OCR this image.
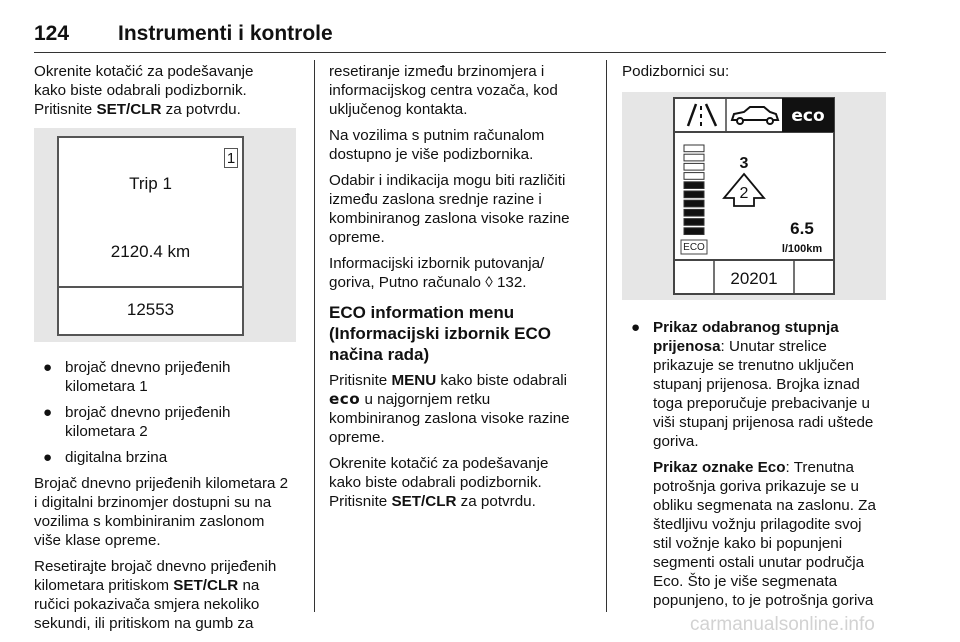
124 Instrumenti i kontrole

Okrenite kotačić za podešavanje
kako biste odabrali podizbornik.
Pritisnite SET/CLR za potvrdu.

1
Trip 1
2120.4 km
12553
● brojač dnevno prijeđenih
kilometara 1
● brojač dnevno prijeđenih
kilometara 2
● digitalna brzina

Brojač dnevno prijeđenih kilometara 2
i digitalni brzinomjer dostupni su na
vozilima s kombiniranim zaslonom
više klase opreme.

Resetirajte brojač dnevno prijeđenih
kilometara pritiskom SET/CLR na
ručici pokazivača smjera nekoliko
sekundi, ili pritiskom na gumb za

resetiranje između brzinomjera i
informacijskog centra vozača, kod
uključenog kontakta.

Na vozilima s putnim računalom
dostupno je više podizbornika.

Odabir i indikacija mogu biti različiti
između zaslona srednje razine i
kombiniranog zaslona visoke razine
opreme.

Informacijski izbornik putovanja/
goriva, Putno računalo ◊ 132.

ECO information menu
(Informacijski izbornik ECO
načina rada)

Pritisnite MENU kako biste odabrali
eco u najgornjem retku
kombiniranog zaslona visoke razine
opreme.

Okrenite kotačić za podešavanje
kako biste odabrali podizbornik.
Pritisnite SET/CLR za potvrdu.

Podizbornici su:

eco
ECO
3
2
6.5
l/100km
20201
● Prikaz odabranog stupnja
prijenosa: Unutar strelice
prikazuje se trenutno uključen
stupanj prijenosa. Brojka iznad
toga preporučuje prebacivanje u
viši stupanj prijenosa radi uštede
goriva.
Prikaz oznake Eco: Trenutna
potrošnja goriva prikazuje se u
obliku segmenata na zaslonu. Za
štedljivu vožnju prilagodite svoj
stil vožnje kako bi popunjeni
segmenti ostali unutar područja
Eco. Što je više segmenata
popunjeno, to je potrošnja goriva
carmanualsonline.info
